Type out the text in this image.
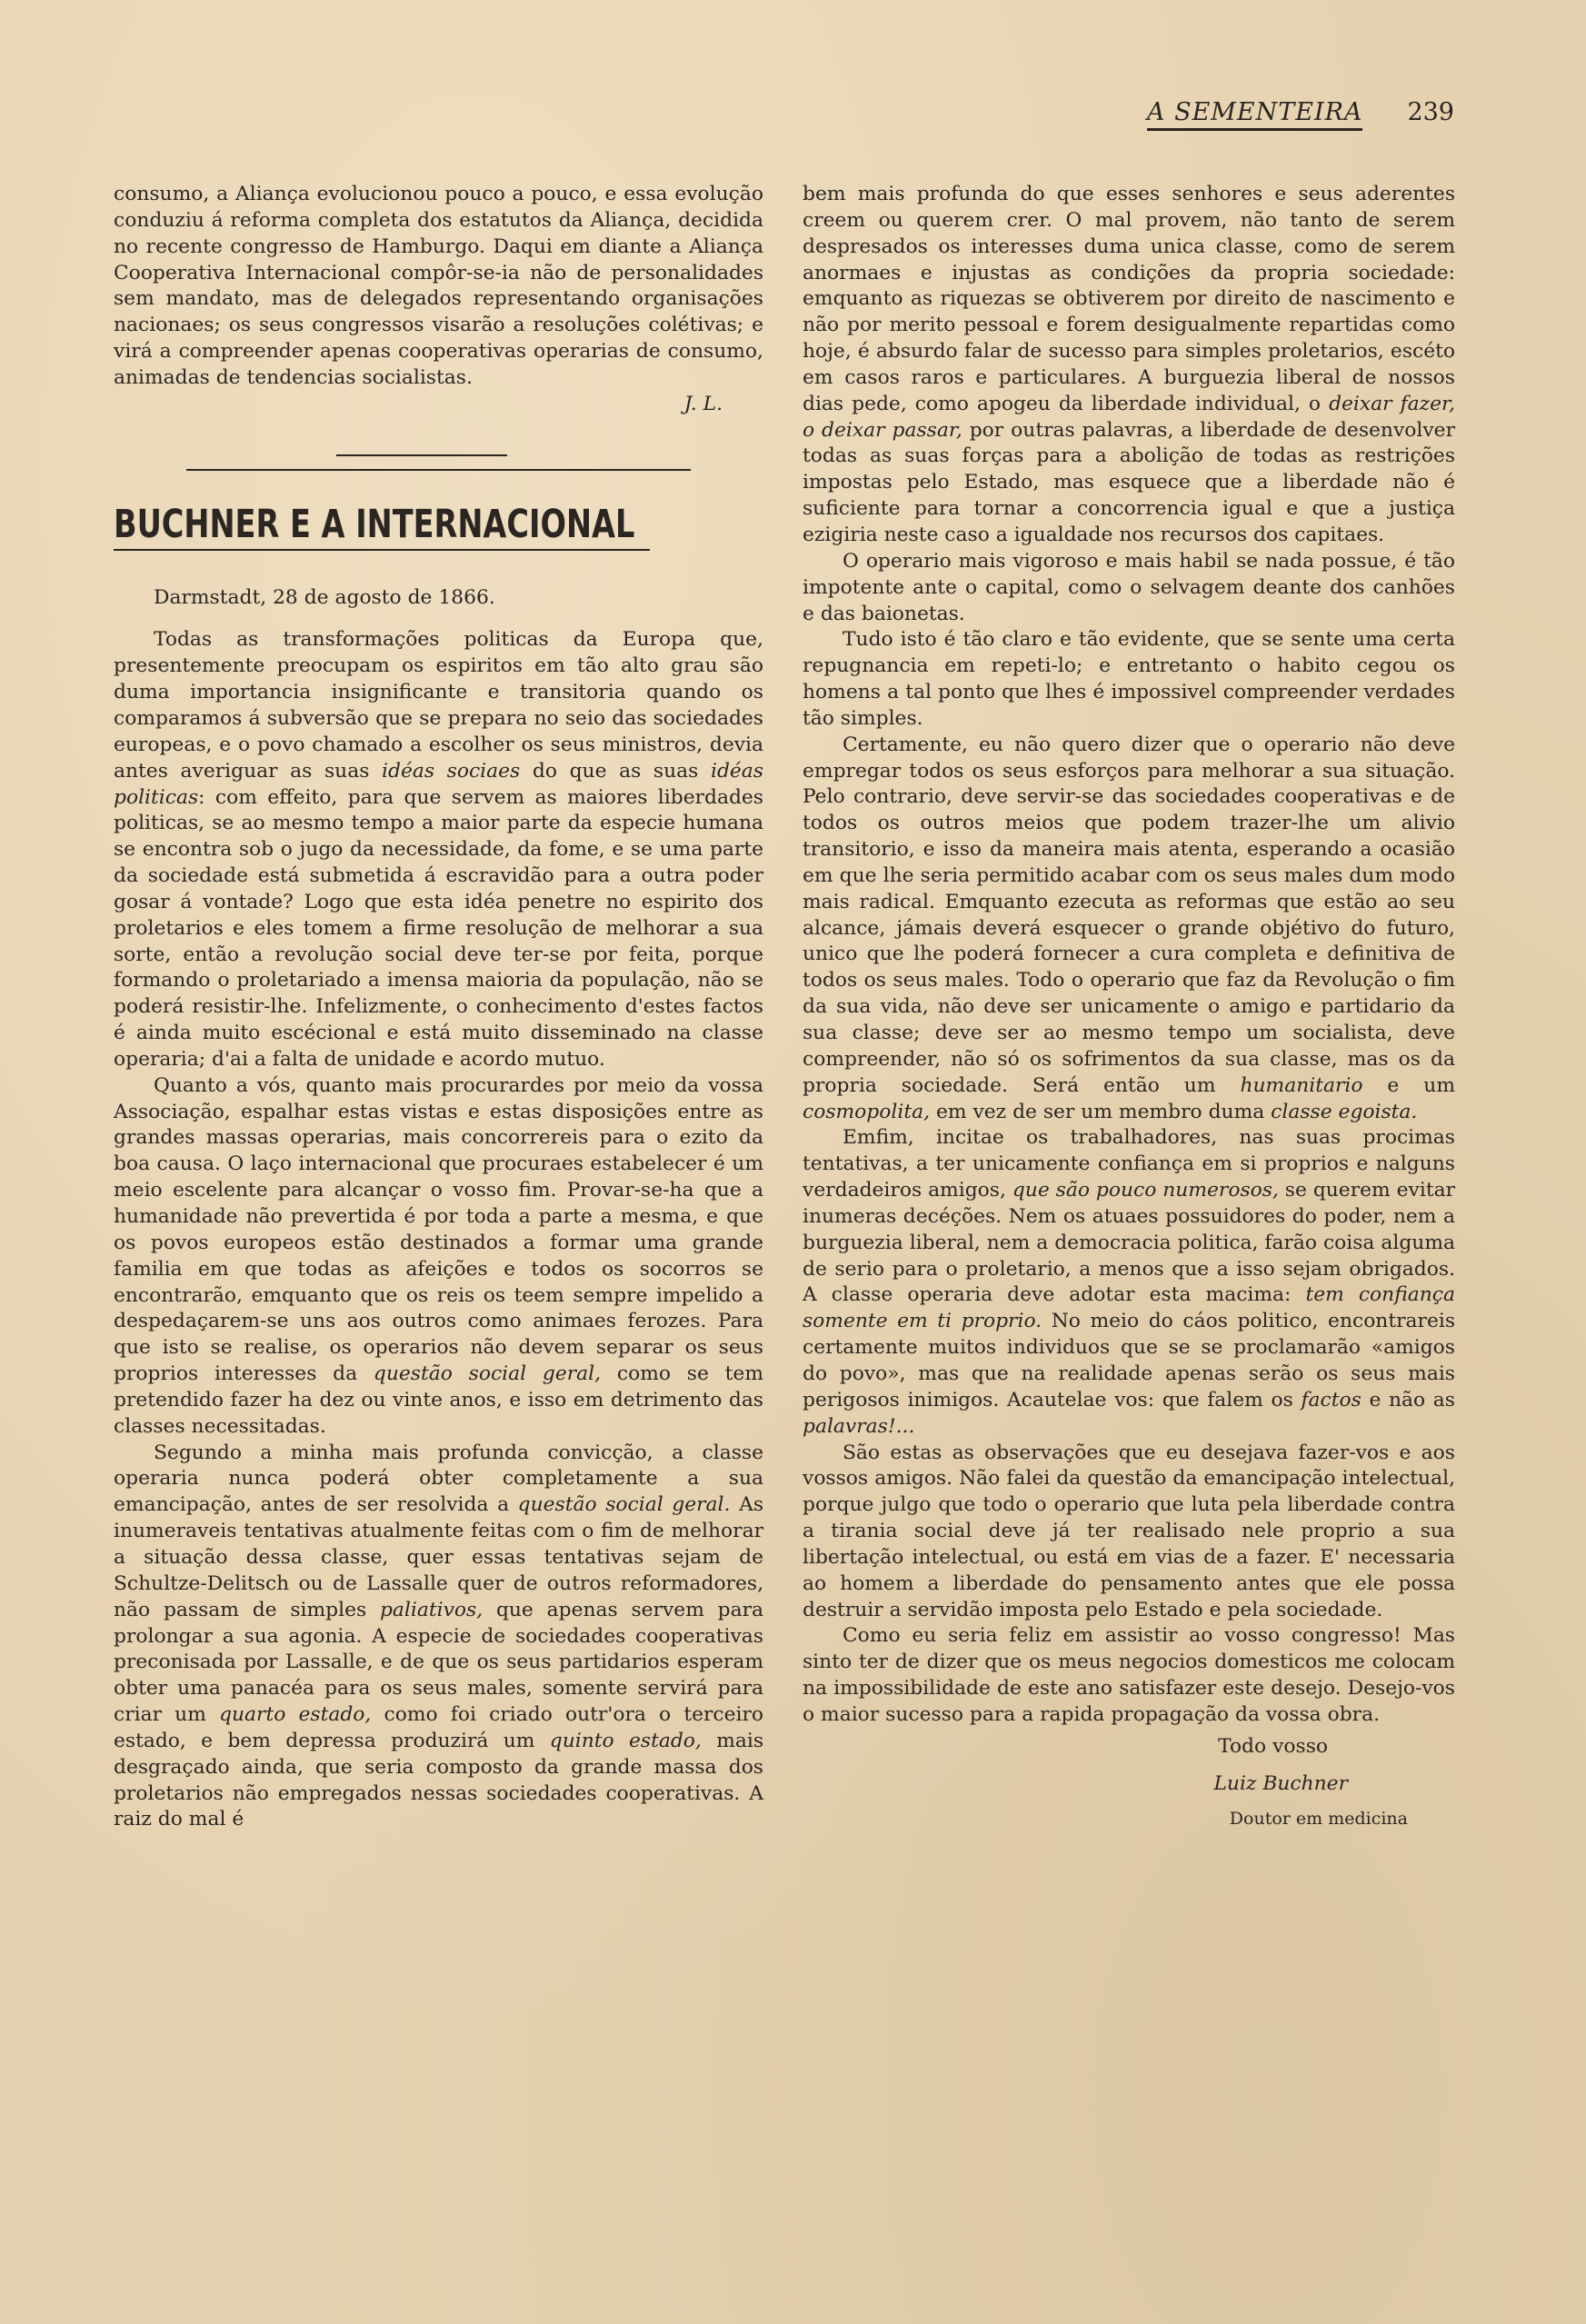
A SEMENTEIRA 239

consumo, a Aliança evolucionou pouco a pouco, e essa evolução conduziu á reforma completa dos estatutos da Aliança, decidida no recente congresso de Hamburgo. Daqui em diante a Aliança Cooperativa Internacional compôr-se-ia não de personalidades sem mandato, mas de delegados representando organisações nacionaes; os seus congressos visarão a resoluções colétivas; e virá a compreender apenas cooperativas operarias de consumo, animadas de tendencias socialistas.

J. L.

BUCHNER E A INTERNACIONAL

Darmstadt, 28 de agosto de 1866.

Todas as transformações politicas da Europa que, presentemente preocupam os espiritos em tão alto grau são duma importancia insignificante e transitoria quando os comparamos á subversão que se prepara no seio das sociedades europeas, e o povo chamado a escolher os seus ministros, devia antes averiguar as suas idéas sociaes do que as suas idéas politicas: com effeito, para que servem as maiores liberdades politicas, se ao mesmo tempo a maior parte da especie humana se encontra sob o jugo da necessidade, da fome, e se uma parte da sociedade está submetida á escravidão para a outra poder gosar á vontade? Logo que esta idéa penetre no espirito dos proletarios e eles tomem a firme resolução de melhorar a sua sorte, então a revolução social deve ter-se por feita, porque formando o proletariado a imensa maioria da população, não se poderá resistir-lhe. Infelizmente, o conhecimento d'estes factos é ainda muito escécional e está muito disseminado na classe operaria; d'ai a falta de unidade e acordo mutuo.

Quanto a vós, quanto mais procurardes por meio da vossa Associação, espalhar estas vistas e estas disposições entre as grandes massas operarias, mais concorrereis para o ezito da boa causa. O laço internacional que procuraes estabelecer é um meio escelente para alcançar o vosso fim. Provar-se-ha que a humanidade não prevertida é por toda a parte a mesma, e que os povos europeos estão destinados a formar uma grande familia em que todas as afeições e todos os socorros se encontrarão, emquanto que os reis os teem sempre impelido a despedaçarem-se uns aos outros como animaes ferozes. Para que isto se realise, os operarios não devem separar os seus proprios interesses da questão social geral, como se tem pretendido fazer ha dez ou vinte anos, e isso em detrimento das classes necessitadas.

Segundo a minha mais profunda convicção, a classe operaria nunca poderá obter completamente a sua emancipação, antes de ser resolvida a questão social geral. As inumeraveis tentativas atualmente feitas com o fim de melhorar a situação dessa classe, quer essas tentativas sejam de Schultze-Delitsch ou de Lassalle quer de outros reformadores, não passam de simples paliativos, que apenas servem para prolongar a sua agonia. A especie de sociedades cooperativas preconisada por Lassalle, e de que os seus partidarios esperam obter uma panacéa para os seus males, somente servirá para criar um quarto estado, como foi criado outr'ora o terceiro estado, e bem depressa produzirá um quinto estado, mais desgraçado ainda, que seria composto da grande massa dos proletarios não empregados nessas sociedades cooperativas. A raiz do mal é

bem mais profunda do que esses senhores e seus aderentes creem ou querem crer. O mal provem, não tanto de serem despresados os interesses duma unica classe, como de serem anormaes e injustas as condições da propria sociedade: emquanto as riquezas se obtiverem por direito de nascimento e não por merito pessoal e forem desigualmente repartidas como hoje, é absurdo falar de sucesso para simples proletarios, escéto em casos raros e particulares. A burguezia liberal de nossos dias pede, como apogeu da liberdade individual, o deixar fazer, o deixar passar, por outras palavras, a liberdade de desenvolver todas as suas forças para a abolição de todas as restrições impostas pelo Estado, mas esquece que a liberdade não é suficiente para tornar a concorrencia igual e que a justiça ezigiria neste caso a igualdade nos recursos dos capitaes.

O operario mais vigoroso e mais habil se nada possue, é tão impotente ante o capital, como o selvagem deante dos canhões e das baionetas.

Tudo isto é tão claro e tão evidente, que se sente uma certa repugnancia em repeti-lo; e entretanto o habito cegou os homens a tal ponto que lhes é impossivel compreender verdades tão simples.

Certamente, eu não quero dizer que o operario não deve empregar todos os seus esforços para melhorar a sua situação. Pelo contrario, deve servir-se das sociedades cooperativas e de todos os outros meios que podem trazer-lhe um alivio transitorio, e isso da maneira mais atenta, esperando a ocasião em que lhe seria permitido acabar com os seus males dum modo mais radical. Emquanto ezecuta as reformas que estão ao seu alcance, jámais deverá esquecer o grande objétivo do futuro, unico que lhe poderá fornecer a cura completa e definitiva de todos os seus males. Todo o operario que faz da Revolução o fim da sua vida, não deve ser unicamente o amigo e partidario da sua classe; deve ser ao mesmo tempo um socialista, deve compreender, não só os sofrimentos da sua classe, mas os da propria sociedade. Será então um humanitario e um cosmopolita, em vez de ser um membro duma classe egoista.

Emfim, incitae os trabalhadores, nas suas procimas tentativas, a ter unicamente confiança em si proprios e nalguns verdadeiros amigos, que são pouco numerosos, se querem evitar inumeras decéções. Nem os atuaes possuidores do poder, nem a burguezia liberal, nem a democracia politica, farão coisa alguma de serio para o proletario, a menos que a isso sejam obrigados. A classe operaria deve adotar esta macima: tem confiança somente em ti proprio. No meio do cáos politico, encontrareis certamente muitos individuos que se se proclamarão «amigos do povo», mas que na realidade apenas serão os seus mais perigosos inimigos. Acautelae vos: que falem os factos e não as palavras!...

São estas as observações que eu desejava fazer-vos e aos vossos amigos. Não falei da questão da emancipação intelectual, porque julgo que todo o operario que luta pela liberdade contra a tirania social deve já ter realisado nele proprio a sua libertação intelectual, ou está em vias de a fazer. E' necessaria ao homem a liberdade do pensamento antes que ele possa destruir a servidão imposta pelo Estado e pela sociedade.

Como eu seria feliz em assistir ao vosso congresso! Mas sinto ter de dizer que os meus negocios domesticos me colocam na impossibilidade de este ano satisfazer este desejo. Desejo-vos o maior sucesso para a rapida propagação da vossa obra.

Todo vosso

Luiz Buchner

Doutor em medicina
